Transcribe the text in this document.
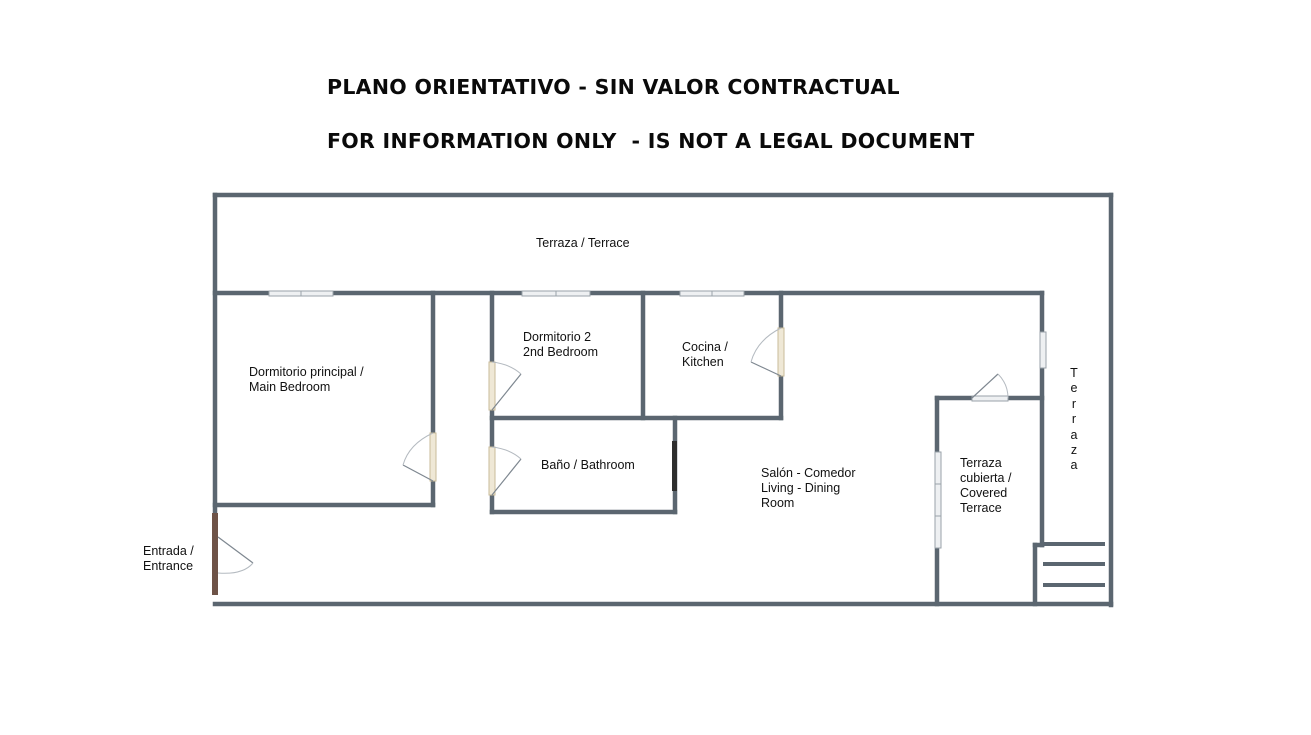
PLANO ORIENTATIVO - SIN VALOR CONTRACTUAL
FOR INFORMATION ONLY  - IS NOT A LEGAL DOCUMENT
Terraza / Terrace
Dormitorio principal /
Main Bedroom
Dormitorio 2
2nd Bedroom	Cocina /
Kitchen
Baño / Bathroom
Salón - Comedor
Living - Dining
Room
Terraza
cubierta /
Covered
Terrace
Entrada /
Entrance
T
e
r
r
a
z
a
